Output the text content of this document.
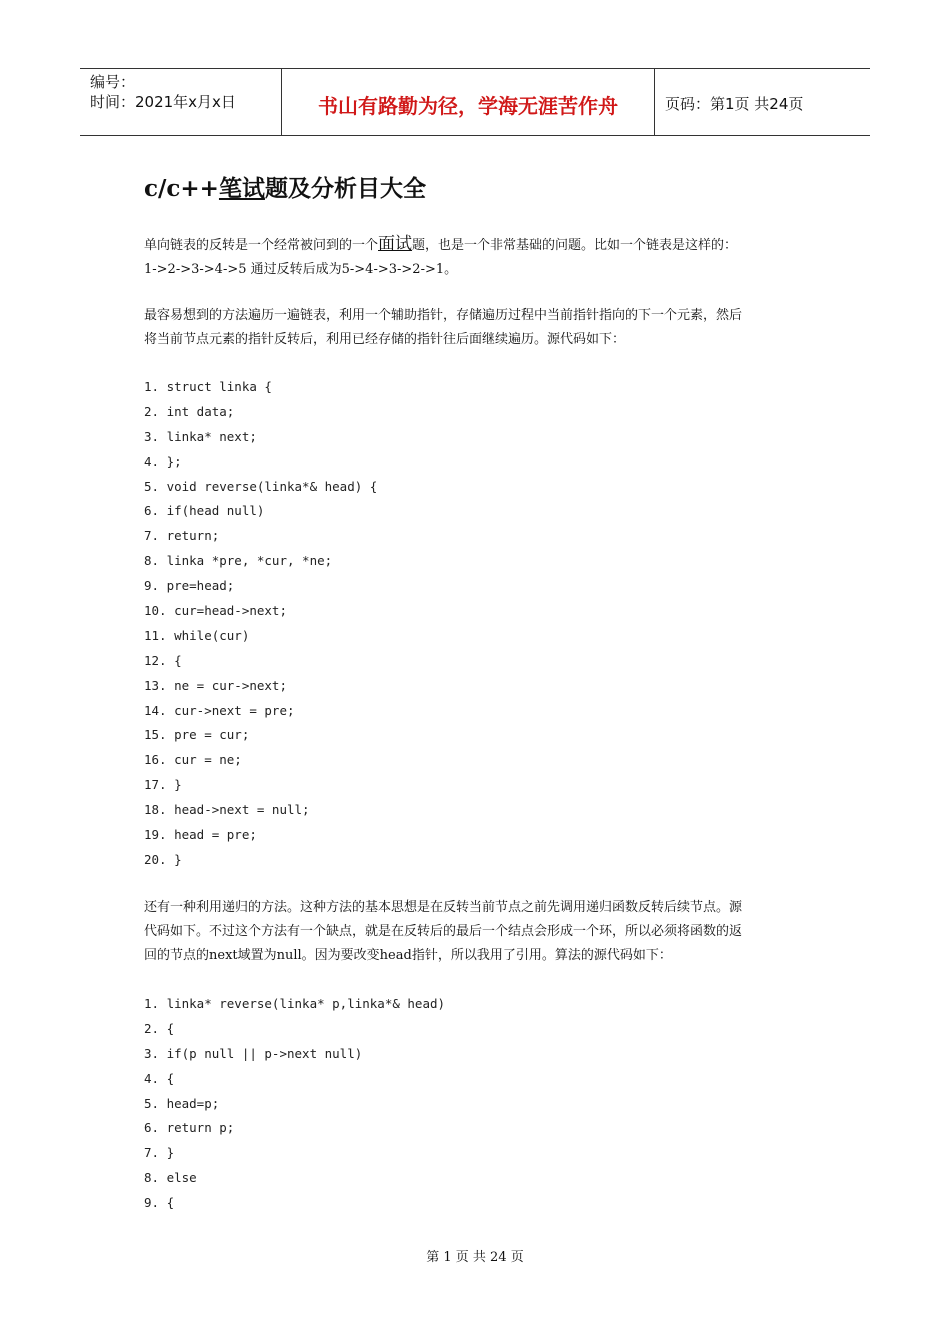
编号：
时间：2021年x月x日	书山有路勤为径，学海无涯苦作舟	页码：第1页 共24页
c/c++笔试题及分析目大全
单向链表的反转是一个经常被问到的一个面试题，也是一个非常基础的问题。比如一个链表是这样的：
1->2->3->4->5 通过反转后成为5->4->3->2->1。
最容易想到的方法遍历一遍链表，利用一个辅助指针，存储遍历过程中当前指针指向的下一个元素，然后
将当前节点元素的指针反转后，利用已经存储的指针往后面继续遍历。源代码如下：
1. struct linka {
2. int data;
3. linka* next;
4. };
5. void reverse(linka*& head) {
6. if(head null)
7. return;
8. linka *pre, *cur, *ne;
9. pre=head;
10. cur=head->next;
11. while(cur)
12. {
13. ne = cur->next;
14. cur->next = pre;
15. pre = cur;
16. cur = ne;
17. }
18. head->next = null;
19. head = pre;
20. }
还有一种利用递归的方法。这种方法的基本思想是在反转当前节点之前先调用递归函数反转后续节点。源
代码如下。不过这个方法有一个缺点，就是在反转后的最后一个结点会形成一个环，所以必须将函数的返
回的节点的next域置为null。因为要改变head指针，所以我用了引用。算法的源代码如下：
1. linka* reverse(linka* p,linka*& head)
2. {
3. if(p null || p->next null)
4. {
5. head=p;
6. return p;
7. }
8. else
9. {
第 1 页 共 24 页
